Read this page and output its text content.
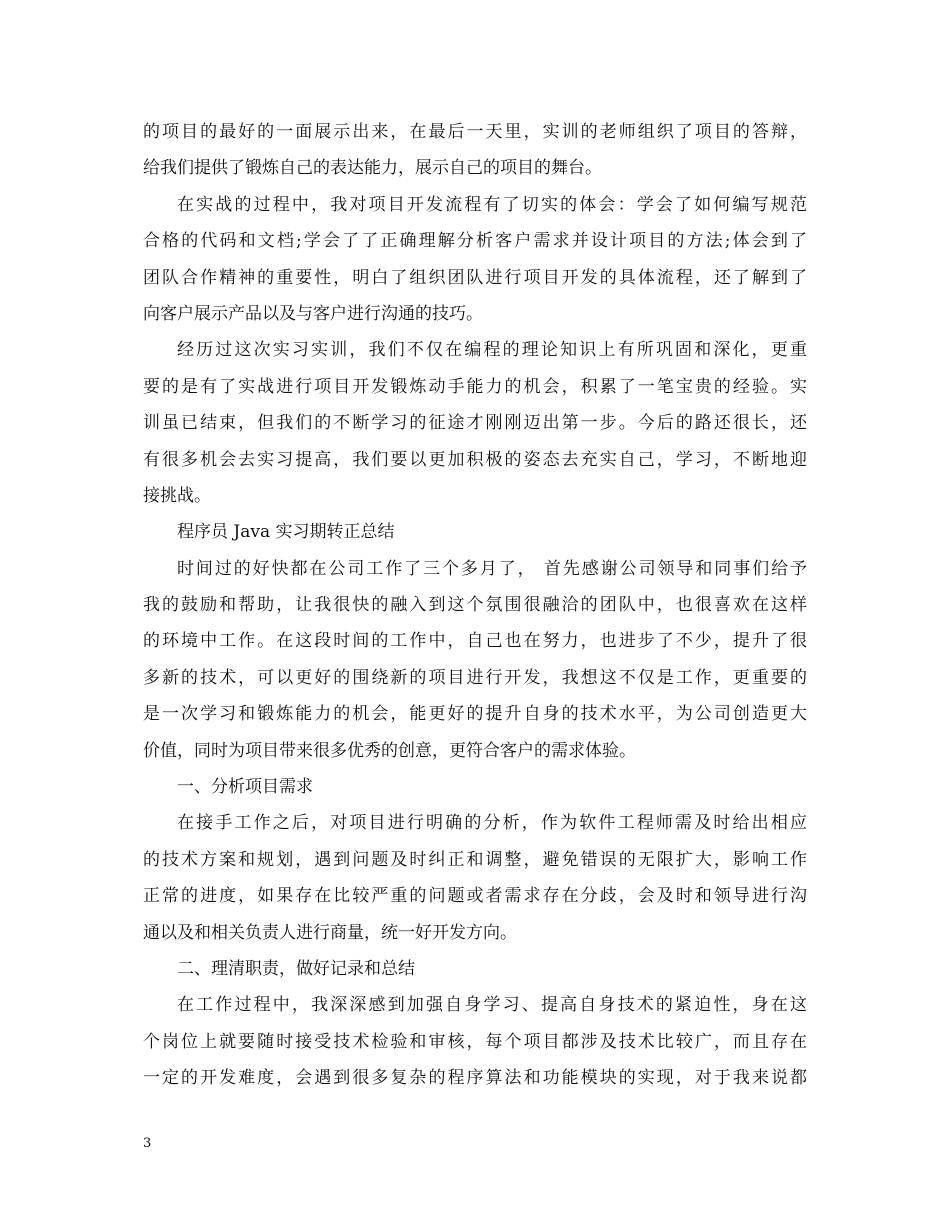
的项目的最好的一面展示出来，在最后一天里，实训的老师组织了项目的答辩，
给我们提供了锻炼自己的表达能力，展示自己的项目的舞台。
在实战的过程中，我对项目开发流程有了切实的体会：学会了如何编写规范
合格的代码和文档;学会了了正确理解分析客户需求并设计项目的方法;体会到了
团队合作精神的重要性，明白了组织团队进行项目开发的具体流程，还了解到了
向客户展示产品以及与客户进行沟通的技巧。
经历过这次实习实训，我们不仅在编程的理论知识上有所巩固和深化，更重
要的是有了实战进行项目开发锻炼动手能力的机会，积累了一笔宝贵的经验。实
训虽已结束，但我们的不断学习的征途才刚刚迈出第一步。今后的路还很长，还
有很多机会去实习提高，我们要以更加积极的姿态去充实自己，学习，不断地迎
接挑战。
程序员 Java 实习期转正总结
时间过的好快都在公司工作了三个多月了， 首先感谢公司领导和同事们给予
我的鼓励和帮助，让我很快的融入到这个氛围很融洽的团队中，也很喜欢在这样
的环境中工作。在这段时间的工作中，自己也在努力，也进步了不少，提升了很
多新的技术，可以更好的围绕新的项目进行开发，我想这不仅是工作，更重要的
是一次学习和锻炼能力的机会，能更好的提升自身的技术水平，为公司创造更大
价值，同时为项目带来很多优秀的创意，更符合客户的需求体验。
一、分析项目需求
在接手工作之后，对项目进行明确的分析，作为软件工程师需及时给出相应
的技术方案和规划，遇到问题及时纠正和调整，避免错误的无限扩大，影响工作
正常的进度，如果存在比较严重的问题或者需求存在分歧，会及时和领导进行沟
通以及和相关负责人进行商量，统一好开发方向。
二、理清职责，做好记录和总结
在工作过程中，我深深感到加强自身学习、提高自身技术的紧迫性，身在这
个岗位上就要随时接受技术检验和审核，每个项目都涉及技术比较广，而且存在
一定的开发难度，会遇到很多复杂的程序算法和功能模块的实现，对于我来说都
3
